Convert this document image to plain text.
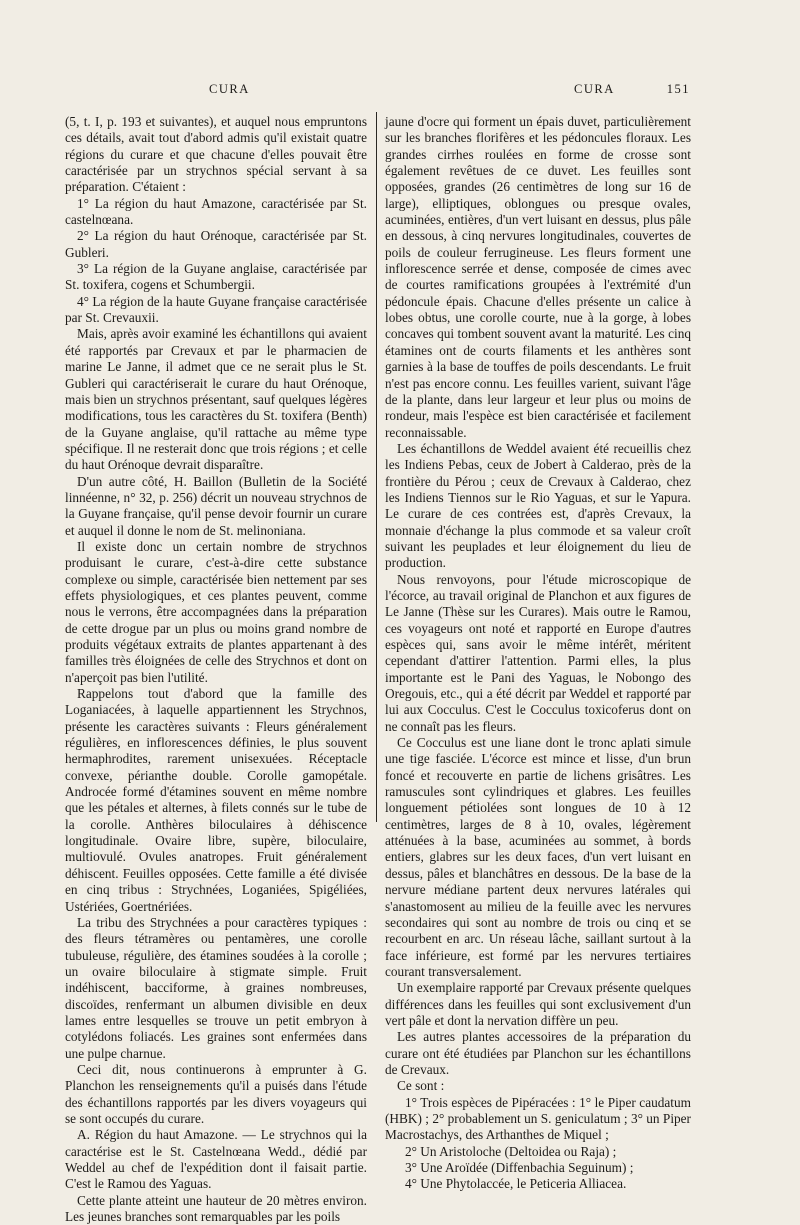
CURA	CURA	151

(5, t. I, p. 193 et suivantes), et auquel nous empruntons ces détails, avait tout d'abord admis qu'il existait quatre régions du curare et que chacune d'elles pouvait être caractérisée par un strychnos spécial servant à sa préparation. C'étaient :

1° La région du haut Amazone, caractérisée par St. castelnœana.

2° La région du haut Orénoque, caractérisée par St. Gubleri.

3° La région de la Guyane anglaise, caractérisée par St. toxifera, cogens et Schumbergii.

4° La région de la haute Guyane française caractérisée par St. Crevauxii.

Mais, après avoir examiné les échantillons qui avaient été rapportés par Crevaux et par le pharmacien de marine Le Janne, il admet que ce ne serait plus le St. Gubleri qui caractériserait le curare du haut Orénoque, mais bien un strychnos présentant, sauf quelques légères modifications, tous les caractères du St. toxifera (Benth) de la Guyane anglaise, qu'il rattache au même type spécifique. Il ne resterait donc que trois régions ; et celle du haut Orénoque devrait disparaître.

D'un autre côté, H. Baillon (Bulletin de la Société linnéenne, n° 32, p. 256) décrit un nouveau strychnos de la Guyane française, qu'il pense devoir fournir un curare et auquel il donne le nom de St. melinoniana.

Il existe donc un certain nombre de strychnos produisant le curare, c'est-à-dire cette substance complexe ou simple, caractérisée bien nettement par ses effets physiologiques, et ces plantes peuvent, comme nous le verrons, être accompagnées dans la préparation de cette drogue par un plus ou moins grand nombre de produits végétaux extraits de plantes appartenant à des familles très éloignées de celle des Strychnos et dont on n'aperçoit pas bien l'utilité.

Rappelons tout d'abord que la famille des Loganiacées, à laquelle appartiennent les Strychnos, présente les caractères suivants : Fleurs généralement régulières, en inflorescences définies, le plus souvent hermaphrodites, rarement unisexuées. Réceptacle convexe, périanthe double. Corolle gamopétale. Androcée formé d'étamines souvent en même nombre que les pétales et alternes, à filets connés sur le tube de la corolle. Anthères biloculaires à déhiscence longitudinale. Ovaire libre, supère, biloculaire, multiovulé. Ovules anatropes. Fruit généralement déhiscent. Feuilles opposées. Cette famille a été divisée en cinq tribus : Strychnées, Loganiées, Spigéliées, Ustériées, Goertnériées.

La tribu des Strychnées a pour caractères typiques : des fleurs tétramères ou pentamères, une corolle tubuleuse, régulière, des étamines soudées à la corolle ; un ovaire biloculaire à stigmate simple. Fruit indéhiscent, bacciforme, à graines nombreuses, discoïdes, renfermant un albumen divisible en deux lames entre lesquelles se trouve un petit embryon à cotylédons foliacés. Les graines sont enfermées dans une pulpe charnue.

Ceci dit, nous continuerons à emprunter à G. Planchon les renseignements qu'il a puisés dans l'étude des échantillons rapportés par les divers voyageurs qui se sont occupés du curare.

A. Région du haut Amazone. — Le strychnos qui la caractérise est le St. Castelnœana Wedd., dédié par Weddel au chef de l'expédition dont il faisait partie. C'est le Ramou des Yaguas.

Cette plante atteint une hauteur de 20 mètres environ. Les jeunes branches sont remarquables par les poils

jaune d'ocre qui forment un épais duvet, particulièrement sur les branches florifères et les pédoncules floraux. Les grandes cirrhes roulées en forme de crosse sont également revêtues de ce duvet. Les feuilles sont opposées, grandes (26 centimètres de long sur 16 de large), elliptiques, oblongues ou presque ovales, acuminées, entières, d'un vert luisant en dessus, plus pâle en dessous, à cinq nervures longitudinales, couvertes de poils de couleur ferrugineuse. Les fleurs forment une inflorescence serrée et dense, composée de cimes avec de courtes ramifications groupées à l'extrémité d'un pédoncule épais. Chacune d'elles présente un calice à lobes obtus, une corolle courte, nue à la gorge, à lobes concaves qui tombent souvent avant la maturité. Les cinq étamines ont de courts filaments et les anthères sont garnies à la base de touffes de poils descendants. Le fruit n'est pas encore connu. Les feuilles varient, suivant l'âge de la plante, dans leur largeur et leur plus ou moins de rondeur, mais l'espèce est bien caractérisée et facilement reconnaissable.

Les échantillons de Weddel avaient été recueillis chez les Indiens Pebas, ceux de Jobert à Calderao, près de la frontière du Pérou ; ceux de Crevaux à Calderao, chez les Indiens Tiennos sur le Rio Yaguas, et sur le Yapura. Le curare de ces contrées est, d'après Crevaux, la monnaie d'échange la plus commode et sa valeur croît suivant les peuplades et leur éloignement du lieu de production.

Nous renvoyons, pour l'étude microscopique de l'écorce, au travail original de Planchon et aux figures de Le Janne (Thèse sur les Curares). Mais outre le Ramou, ces voyageurs ont noté et rapporté en Europe d'autres espèces qui, sans avoir le même intérêt, méritent cependant d'attirer l'attention. Parmi elles, la plus importante est le Pani des Yaguas, le Nobongo des Oregouis, etc., qui a été décrit par Weddel et rapporté par lui aux Cocculus. C'est le Cocculus toxicoferus dont on ne connaît pas les fleurs.

Ce Cocculus est une liane dont le tronc aplati simule une tige fasciée. L'écorce est mince et lisse, d'un brun foncé et recouverte en partie de lichens grisâtres. Les ramuscules sont cylindriques et glabres. Les feuilles longuement pétiolées sont longues de 10 à 12 centimètres, larges de 8 à 10, ovales, légèrement atténuées à la base, acuminées au sommet, à bords entiers, glabres sur les deux faces, d'un vert luisant en dessus, pâles et blanchâtres en dessous. De la base de la nervure médiane partent deux nervures latérales qui s'anastomosent au milieu de la feuille avec les nervures secondaires qui sont au nombre de trois ou cinq et se recourbent en arc. Un réseau lâche, saillant surtout à la face inférieure, est formé par les nervures tertiaires courant transversalement.

Un exemplaire rapporté par Crevaux présente quelques différences dans les feuilles qui sont exclusivement d'un vert pâle et dont la nervation diffère un peu.

Les autres plantes accessoires de la préparation du curare ont été étudiées par Planchon sur les échantillons de Crevaux.

Ce sont :

1° Trois espèces de Pipéracées : 1° le Piper caudatum (HBK) ; 2° probablement un S. geniculatum ; 3° un Piper Macrostachys, des Arthanthes de Miquel ;

2° Un Aristoloche (Deltoidea ou Raja) ;

3° Une Aroïdée (Diffenbachia Seguinum) ;

4° Une Phytolaccée, le Peticeria Alliacea.
